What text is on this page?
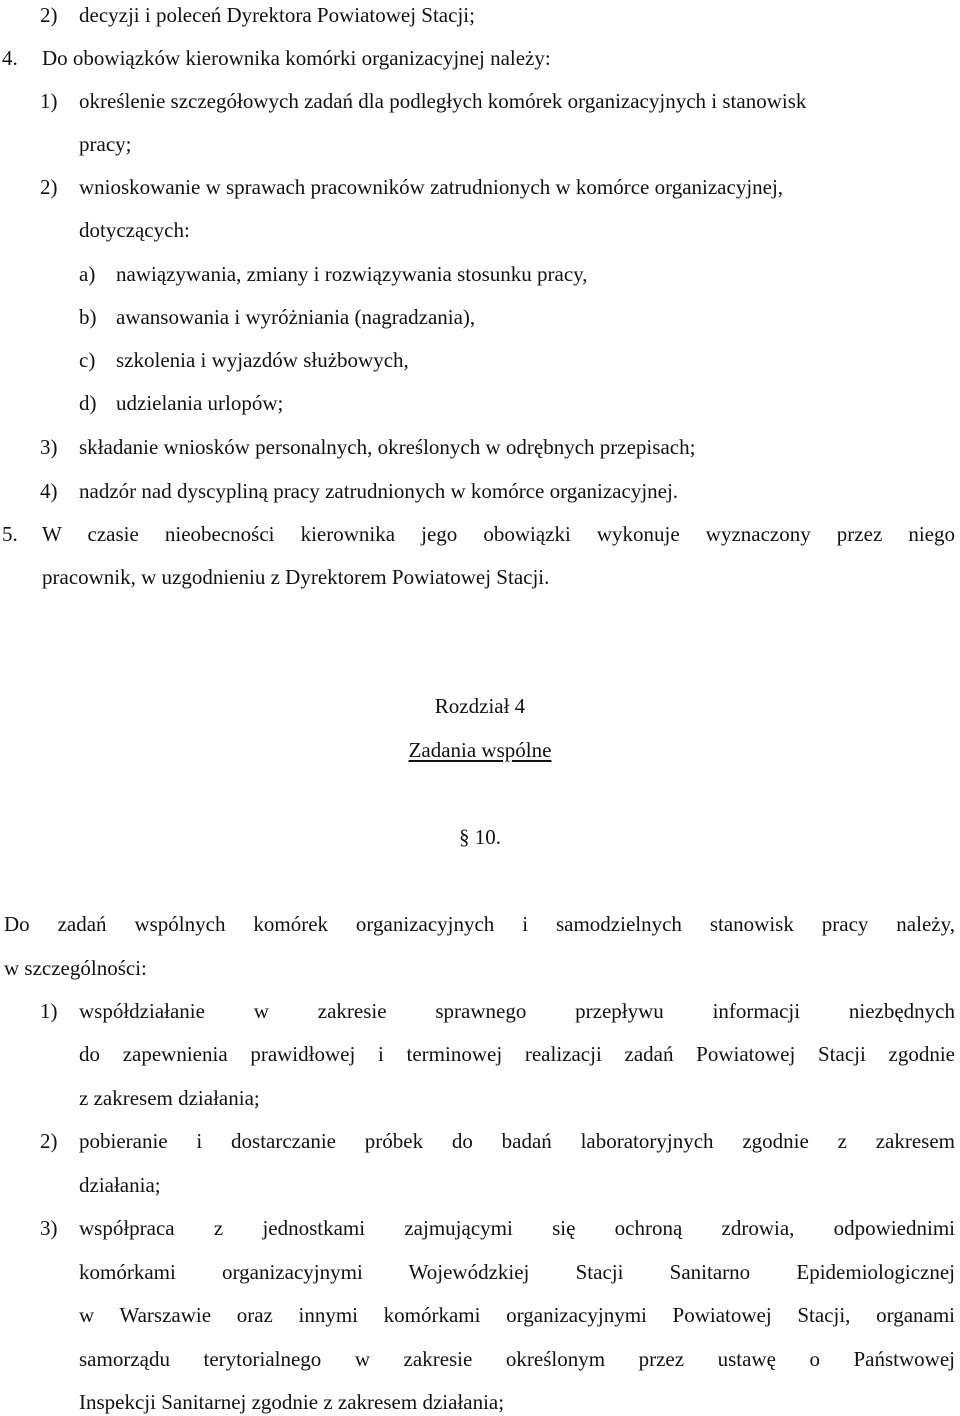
2) decyzji i poleceń Dyrektora Powiatowej Stacji;
4. Do obowiązków kierownika komórki organizacyjnej należy:
1) określenie szczegółowych zadań dla podległych komórek organizacyjnych i stanowisk
pracy;
2) wnioskowanie w sprawach pracowników zatrudnionych w komórce organizacyjnej,
dotyczących:
a) nawiązywania, zmiany i rozwiązywania stosunku pracy,
b) awansowania i wyróżniania (nagradzania),
c) szkolenia i wyjazdów służbowych,
d) udzielania urlopów;
3) składanie wniosków personalnych, określonych w odrębnych przepisach;
4) nadzór nad dyscypliną pracy zatrudnionych w komórce organizacyjnej.
5. W czasie nieobecności kierownika jego obowiązki wykonuje wyznaczony przez niego
pracownik, w uzgodnieniu z Dyrektorem Powiatowej Stacji.
Rozdział 4
Zadania wspólne
§ 10.
Do zadań wspólnych komórek organizacyjnych i samodzielnych stanowisk pracy należy,
w szczególności:
1) współdziałanie w zakresie sprawnego przepływu informacji niezbędnych
do zapewnienia prawidłowej i terminowej realizacji zadań Powiatowej Stacji zgodnie
z zakresem działania;
2) pobieranie i dostarczanie próbek do badań laboratoryjnych zgodnie z zakresem
działania;
3) współpraca z jednostkami zajmującymi się ochroną zdrowia, odpowiednimi
komórkami organizacyjnymi Wojewódzkiej Stacji Sanitarno Epidemiologicznej
w Warszawie oraz innymi komórkami organizacyjnymi Powiatowej Stacji, organami
samorządu terytorialnego w zakresie określonym przez ustawę o Państwowej
Inspekcji Sanitarnej zgodnie z zakresem działania;
